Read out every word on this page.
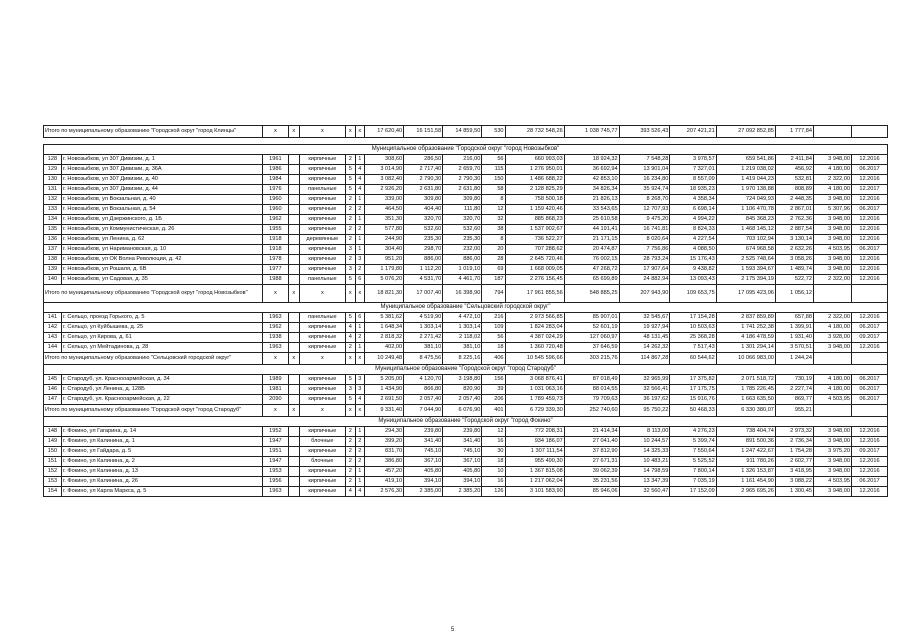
Итого по муниципальному образованию "Городской округ "город Клинцы"		x	x	x	x	x	17 620,40	16 151,58	14 859,50	530	28 732 548,26	1 038 745,77	393 526,43	207 421,21	27 092 852,85	1 777,84		

Муниципальное образование "Городской округ "город Новозыбков"																		
128	г. Новозыбков, ул 307 Дивизии, д. 1	1961		кирпичные	2	1	308,60	286,50	216,00	56	660 993,03	18 924,32	7 548,28	3 978,57	659 541,86	2 411,84	3 948,00	12.2016
129	г. Новозыбков, ул 307 Дивизии, д. 36А	1986		кирпичные	5	4	3 014,90	2 717,40	2 659,70	115	1 276 950,01	36 692,94	13 901,04	7 327,01	1 219 038,02	456,92	4 180,00	06.2017
130	г. Новозыбков, ул 307 Дивизии, д. 40	1984		кирпичные	5	4	3 082,40	2 790,30	2 790,30	150	1 486 688,22	42 853,10	16 234,80	8 557,09	1 419 044,23	532,81	2 322,00	12.2016
131	г. Новозыбков, ул 307 Дивизии, д. 44	1976		панельные	5	4	2 926,20	2 631,80	2 631,80	58	2 128 825,29	34 826,34	35 924,74	18 935,23	1 970 138,88	808,89	4 180,00	12.2017
132	г. Новозыбков, ул Вокзальная, д. 40	1960		кирпичные	2	1	339,00	309,80	309,80	8	758 500,18	21 826,13	8 268,70	4 358,34	724 049,93	2 448,35	3 948,00	12.2016
133	г. Новозыбков, ул Вокзальная, д. 54	1960		кирпичные	2	2	464,50	404,40	111,80	12	1 159 420,46	33 543,65	12 707,93	6 698,14	1 106 470,78	2 867,01	5 307,96	06.2017
134	г. Новозыбков, ул Дзержинского, д. 1Б	1962		кирпичные	2	1	351,30	320,70	320,70	32	885 868,23	25 610,58	9 475,20	4 994,22	845 368,23	2 762,36	3 948,00	12.2016
135	г. Новозыбков, ул Коммунистическая, д. 26	1955		кирпичные	2	2	577,80	532,60	532,60	38	1 537 902,67	44 191,41	16 741,81	8 824,33	1 468 145,12	2 887,54	3 948,00	12.2016
136	г. Новозыбков, ул Ленина, д. 62	1918		деревянные	2	1	244,90	235,30	235,30	8	736 522,27	21 171,15	8 020,64	4 227,54	703 102,94	3 130,14	3 948,00	12.2016
137	г. Новозыбков, ул Наримановская, д. 10	1918		кирпичные	3	1	304,40	298,70	232,00	20	707 288,62	20 474,87	7 756,86	4 088,50	674 968,58	2 632,26	4 503,95	06.2017
138	г. Новозыбков, ул ОК Волна Революции, д. 42	1978		кирпичные	2	3	951,20	886,00	886,00	28	2 645 720,46	76 002,15	28 793,24	15 176,43	2 525 748,64	3 058,26	3 948,00	12.2016
139	г. Новозыбков, ул Рошаля, д. 6В	1977		кирпичные	3	2	1 179,80	1 112,20	1 019,10	69	1 668 009,05	47 268,72	17 907,64	9 438,82	1 593 394,67	1 489,74	3 948,00	12.2016
140	г. Новозыбков, ул Садовая, д. 35	1988		панельные	5	6	5 076,20	4 531,70	4 461,70	187	2 276 156,45	65 699,89	24 882,94	13 093,43	2 175 394,19	522,72	2 322,00	12.2016
Итого по муниципальному образованию "Городской округ "город Новозыбков"		x	x	x	x	x	18 821,30	17 007,40	16 398,90	794	17 961 855,56	548 885,25	207 943,90	109 653,75	17 095 423,06	1 056,12		
Муниципальное образование "Сельцовский городской округ"																		
141	г. Сельцо, проезд Горького, д. 5	1963		панельные	5	6	5 381,62	4 519,90	4 472,10	216	2 973 566,85	85 907,01	32 545,67	17 154,28	2 837 859,89	657,88	2 322,00	12.2016
142	г. Сельцо, ул Куйбышева, д. 25	1962		кирпичные	4	1	1 648,34	1 303,14	1 303,14	109	1 824 283,04	52 601,19	19 927,94	10 503,63	1 741 252,38	1 399,91	4 180,00	06.2017
143	г. Сельцо, ул Кирова, д. 61	1938		кирпичные	4	2	2 818,32	2 271,42	2 118,02	56	4 387 024,29	127 060,97	48 131,45	25 368,28	4 186 478,59	1 931,40	3 928,00	09.2017
144	г. Сельцо, ул Мейтадинова, д. 28	1963		кирпичные	2	1	402,00	381,10	381,10	18	1 360 720,48	37 646,59	14 262,32	7 517,43	1 301 294,14	3 570,51	3 948,00	12.2016
Итого по муниципальному образованию "Сельцовский городской округ"		x	x	x	x	x	10 249,48	8 475,56	8 225,16	406	10 545 596,66	303 215,76	114 867,28	60 544,62	10 066 983,00	1 244,24		
Муниципальное образование "Городской округ "город Стародуб"																		
145	г. Стародуб, ул. Краснооармейская, д. 34	1989		кирпичные	5	3	5 205,00	4 120,70	3 198,80	156	3 068 876,41	87 018,49	32 965,99	17 375,82	2 071 518,72	730,19	4 180,00	06.2017
146	г. Стародуб, ул Ленина, д. 128Б	1981		кирпичные	3	3	1 434,90	866,80	820,90	39	1 031 063,16	88 014,55	32 566,41	17 175,75	1 785 226,45	2 227,74	4 180,00	06.2017
147	г. Стародуб, ул. Краснооармейская, д. 22	2090		кирпичные	5	4	2 691,50	2 057,40	2 057,40	206	1 789 459,73	79 709,63	36 197,62	15 916,76	1 663 635,50	869,77	4 503,95	06.2017
Итого по муниципальному образованию "Городской округ "город Стародуб"		x	x	x	x	x	9 331,40	7 044,90	6 076,90	401	6 729 339,30	252 740,60	95 750,22	50 468,33	6 330 380,07	955,21		
Муниципальное образование "Городской округ "город Фокино"																		
148	г. Фокино, ул Гагарина, д. 14	1952		кирпичные	2	1	294,30	239,80	239,80	12	772 208,31	21 414,34	8 113,00	4 276,23	738 404,74	2 973,32	3 948,00	12.2016
149	г. Фокино, ул Калинина, д. 1	1947		блочные	2	2	399,20	341,40	341,40	16	934 186,07	27 041,40	10 244,57	5 399,74	891 500,36	2 736,34	3 948,00	12.2016
150	г. Фокино, ул Гайдара, д. 5	1951		кирпичные	2	2	831,70	745,10	745,10	30	1 307 111,54	37 812,90	14 325,33	7 550,64	1 247 422,67	1 754,28	3 975,20	09.2017
151	г. Фокино, ул Калинина, д. 2	1947		блочные	2	2	386,80	367,10	367,10	18	955 490,30	27 671,31	10 483,21	5 525,52	911 780,26	2 602,77	3 948,00	12.2016
152	г. Фокино, ул Калинина, д. 13	1953		кирпичные	2	1	457,20	405,80	405,80	10	1 367 815,08	39 062,39	14 798,59	7 800,14	1 326 153,87	3 418,95	3 948,00	12.2016
153	г. Фокино, ул Калинина, д. 26	1956		кирпичные	2	1	419,10	394,10	394,10	16	1 217 062,04	35 231,56	13 347,39	7 035,19	1 161 454,90	3 088,22	4 503,95	06.2017
154	г. Фокино, ул Карла Маркса, д. 5	1963		кирпичные	4	4	2 576,30	2 385,00	2 385,20	126	3 101 583,90	85 946,06	32 560,47	17 152,09	2 965 695,26	1 300,45	3 948,00	12.2016
5
